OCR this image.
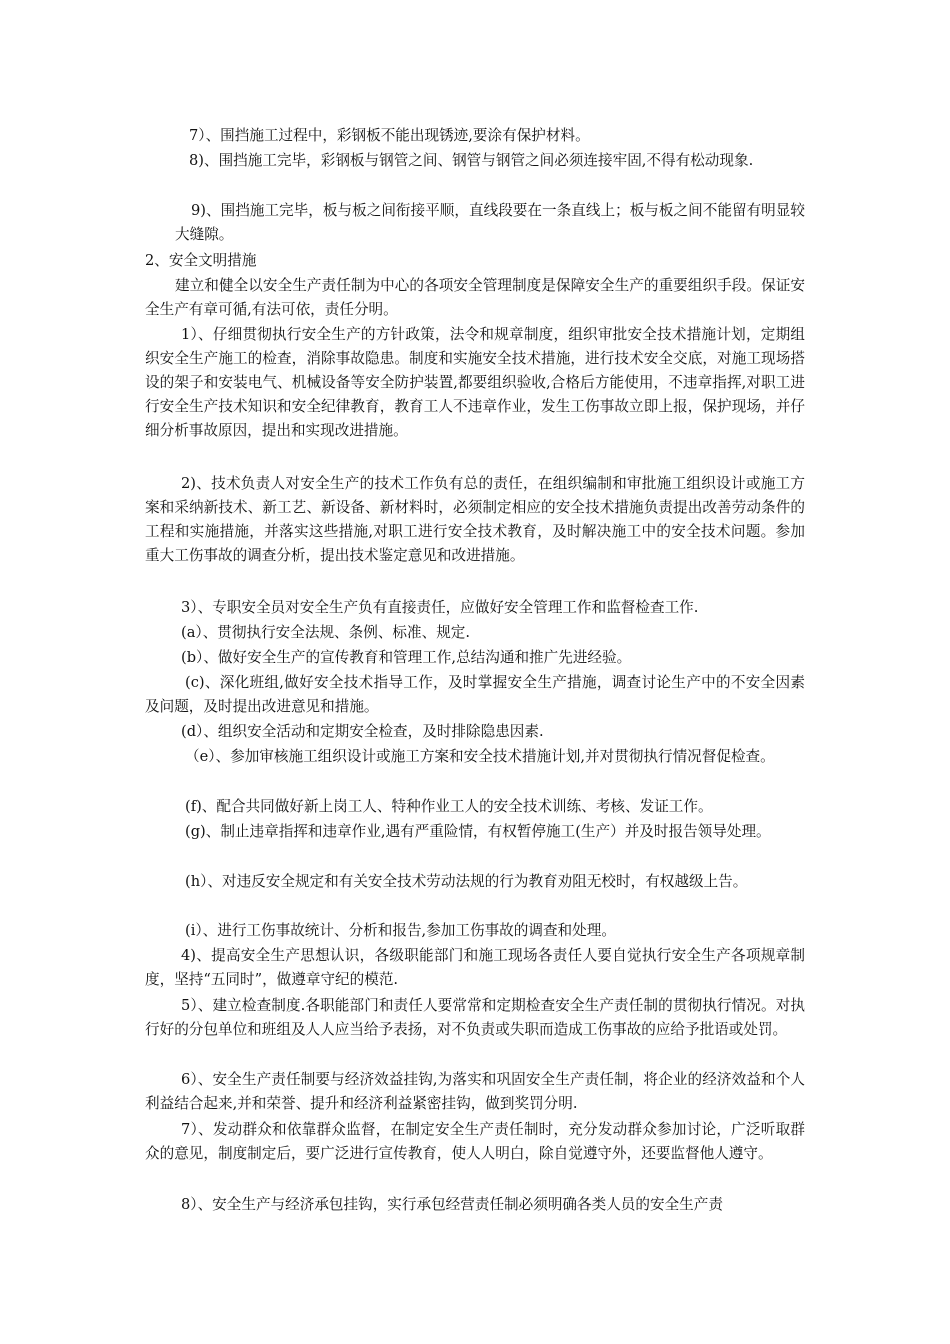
7）、围挡施工过程中，彩钢板不能出现锈迹,要涂有保护材料。

8)、围挡施工完毕，彩钢板与钢管之间、钢管与钢管之间必须连接牢固,不得有松动现象.

9)、围挡施工完毕，板与板之间衔接平顺，直线段要在一条直线上；板与板之间不能留有明显较大缝隙。

2、安全文明措施

建立和健全以安全生产责任制为中心的各项安全管理制度是保障安全生产的重要组织手段。保证安全生产有章可循,有法可依，责任分明。

1）、仔细贯彻执行安全生产的方针政策，法令和规章制度，组织审批安全技术措施计划，定期组织安全生产施工的检查，消除事故隐患。制度和实施安全技术措施，进行技术安全交底，对施工现场搭设的架子和安装电气、机械设备等安全防护装置,都要组织验收,合格后方能使用，不违章指挥,对职工进行安全生产技术知识和安全纪律教育，教育工人不违章作业，发生工伤事故立即上报，保护现场，并仔细分析事故原因，提出和实现改进措施。

2)、技术负责人对安全生产的技术工作负有总的责任，在组织编制和审批施工组织设计或施工方案和采纳新技术、新工艺、新设备、新材料时，必须制定相应的安全技术措施负责提出改善劳动条件的工程和实施措施，并落实这些措施,对职工进行安全技术教育，及时解决施工中的安全技术问题。参加重大工伤事故的调查分析，提出技术鉴定意见和改进措施。

3）、专职安全员对安全生产负有直接责任，应做好安全管理工作和监督检查工作.

(a）、贯彻执行安全法规、条例、标准、规定.

(b）、做好安全生产的宣传教育和管理工作,总结沟通和推广先进经验。

(c)、深化班组,做好安全技术指导工作，及时掌握安全生产措施，调查讨论生产中的不安全因素及问题，及时提出改进意见和措施。

(d）、组织安全活动和定期安全检查，及时排除隐患因素.

（e）、参加审核施工组织设计或施工方案和安全技术措施计划,并对贯彻执行情况督促检查。

(f)、配合共同做好新上岗工人、特种作业工人的安全技术训练、考核、发证工作。

(g)、制止违章指挥和违章作业,遇有严重险情，有权暂停施工(生产）并及时报告领导处理。

(h）、对违反安全规定和有关安全技术劳动法规的行为教育劝阻无校时，有权越级上告。

(i）、进行工伤事故统计、分析和报告,参加工伤事故的调查和处理。

4)、提高安全生产思想认识，各级职能部门和施工现场各责任人要自觉执行安全生产各项规章制度，坚持“五同时”，做遵章守纪的模范.

5）、建立检查制度.各职能部门和责任人要常常和定期检查安全生产责任制的贯彻执行情况。对执行好的分包单位和班组及人人应当给予表扬，对不负责或失职而造成工伤事故的应给予批语或处罚。

6）、安全生产责任制要与经济效益挂钩,为落实和巩固安全生产责任制，将企业的经济效益和个人利益结合起来,并和荣誉、提升和经济利益紧密挂钩，做到奖罚分明.

7）、发动群众和依靠群众监督，在制定安全生产责任制时，充分发动群众参加讨论，广泛听取群众的意见，制度制定后，要广泛进行宣传教育，使人人明白，除自觉遵守外，还要监督他人遵守。

8）、安全生产与经济承包挂钩，实行承包经营责任制必须明确各类人员的安全生产责
